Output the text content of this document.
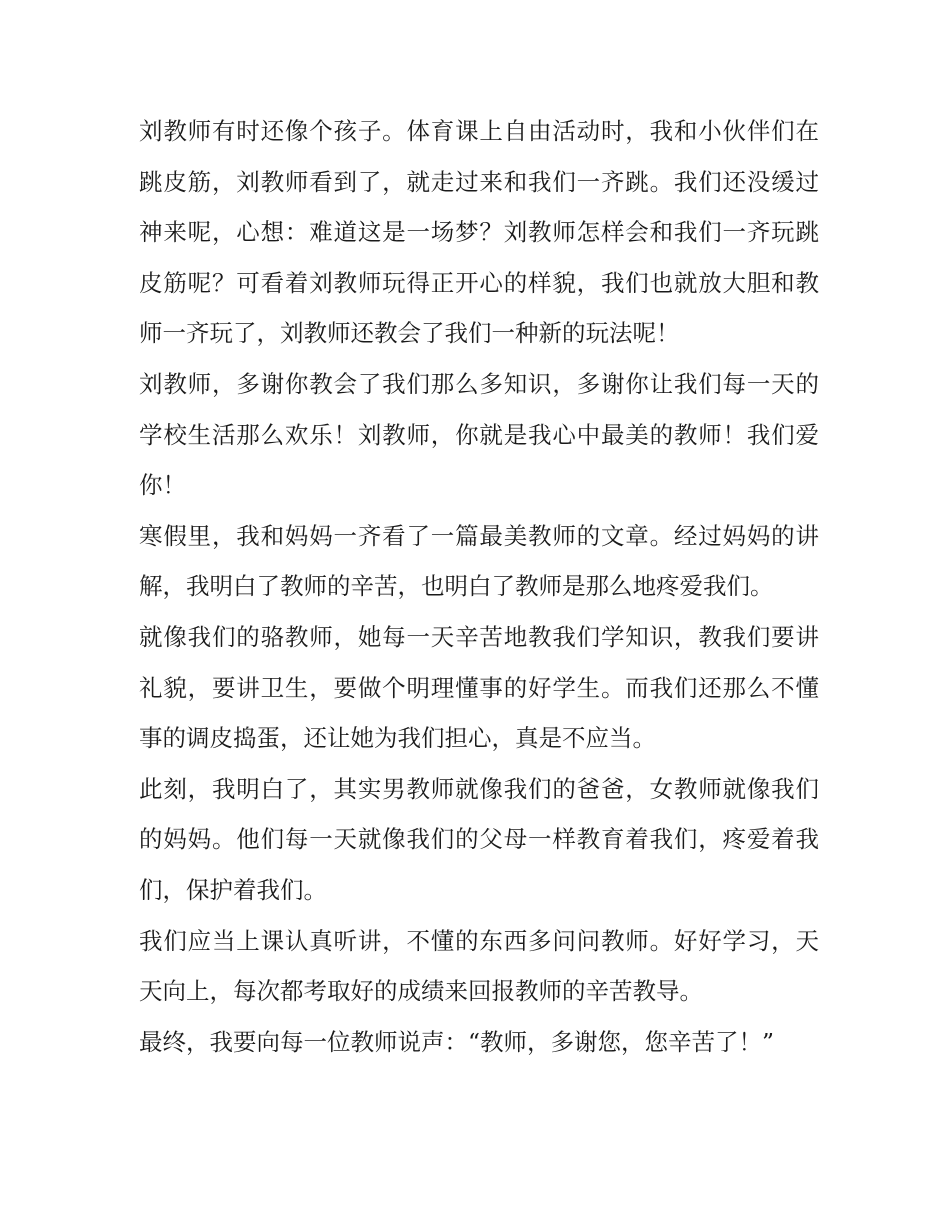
刘教师有时还像个孩子。体育课上自由活动时，我和小伙伴们在跳皮筋，刘教师看到了，就走过来和我们一齐跳。我们还没缓过神来呢，心想：难道这是一场梦？刘教师怎样会和我们一齐玩跳皮筋呢？可看着刘教师玩得正开心的样貌，我们也就放大胆和教师一齐玩了，刘教师还教会了我们一种新的玩法呢！

刘教师，多谢你教会了我们那么多知识，多谢你让我们每一天的学校生活那么欢乐！刘教师，你就是我心中最美的教师！我们爱你！

寒假里，我和妈妈一齐看了一篇最美教师的文章。经过妈妈的讲解，我明白了教师的辛苦，也明白了教师是那么地疼爱我们。

就像我们的骆教师，她每一天辛苦地教我们学知识，教我们要讲礼貌，要讲卫生，要做个明理懂事的好学生。而我们还那么不懂事的调皮捣蛋，还让她为我们担心，真是不应当。

此刻，我明白了，其实男教师就像我们的爸爸，女教师就像我们的妈妈。他们每一天就像我们的父母一样教育着我们，疼爱着我们，保护着我们。

我们应当上课认真听讲，不懂的东西多问问教师。好好学习，天天向上，每次都考取好的成绩来回报教师的辛苦教导。

最终，我要向每一位教师说声：“教师，多谢您，您辛苦了！”
